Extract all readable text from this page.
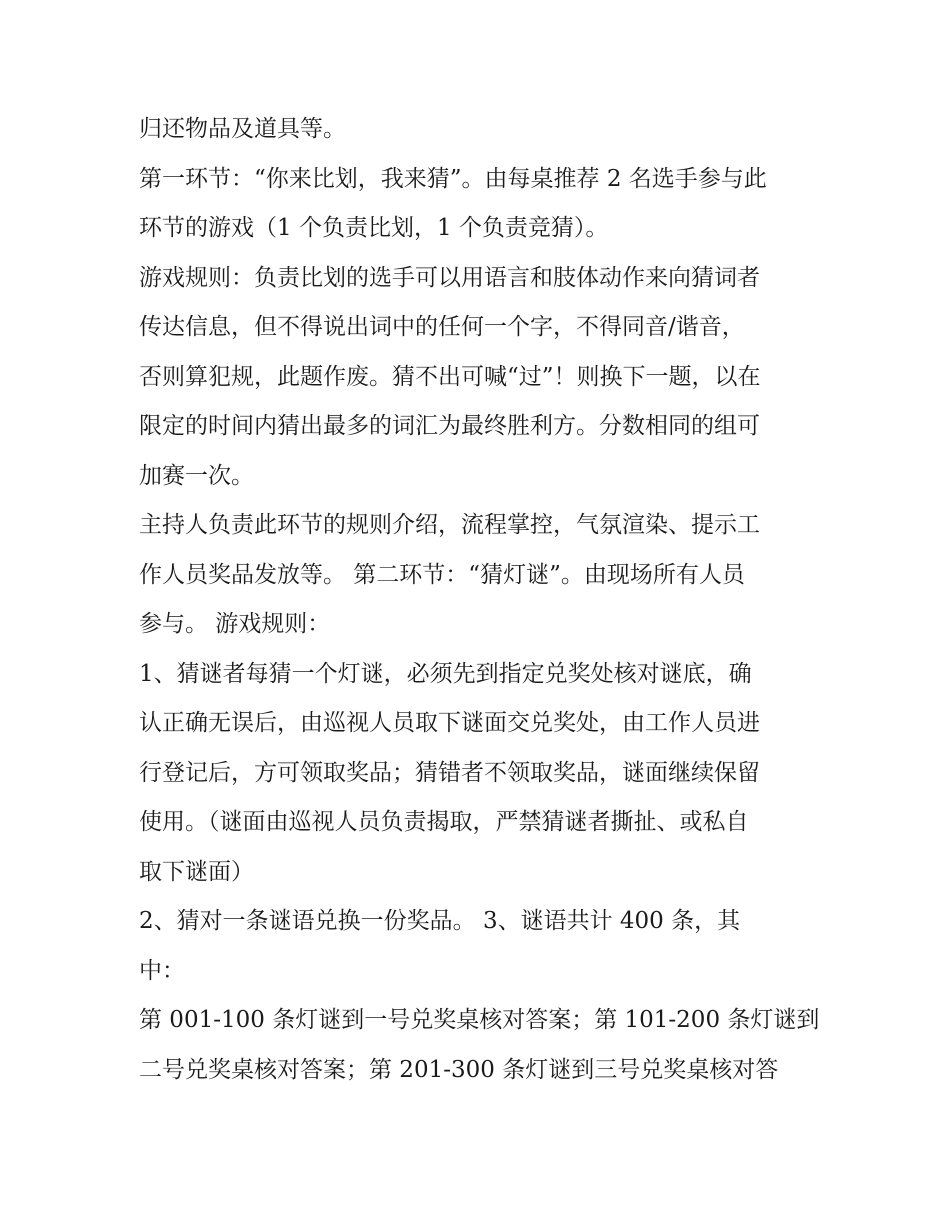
归还物品及道具等。
第一环节：“你来比划，我来猜”。由每桌推荐 2 名选手参与此
环节的游戏（1 个负责比划，1 个负责竞猜）。
游戏规则：负责比划的选手可以用语言和肢体动作来向猜词者
传达信息，但不得说出词中的任何一个字，不得同音/谐音，
否则算犯规，此题作废。猜不出可喊“过”！则换下一题，以在
限定的时间内猜出最多的词汇为最终胜利方。分数相同的组可
加赛一次。
主持人负责此环节的规则介绍，流程掌控，气氛渲染、提示工
作人员奖品发放等。 第二环节：“猜灯谜”。由现场所有人员
参与。 游戏规则：
1、猜谜者每猜一个灯谜，必须先到指定兑奖处核对谜底，确
认正确无误后，由巡视人员取下谜面交兑奖处，由工作人员进
行登记后，方可领取奖品；猜错者不领取奖品，谜面继续保留
使用。（谜面由巡视人员负责揭取，严禁猜谜者撕扯、或私自
取下谜面）
2、猜对一条谜语兑换一份奖品。 3、谜语共计 400 条，其
中：
第 001-100 条灯谜到一号兑奖桌核对答案；第 101-200 条灯谜到
二号兑奖桌核对答案；第 201-300 条灯谜到三号兑奖桌核对答
